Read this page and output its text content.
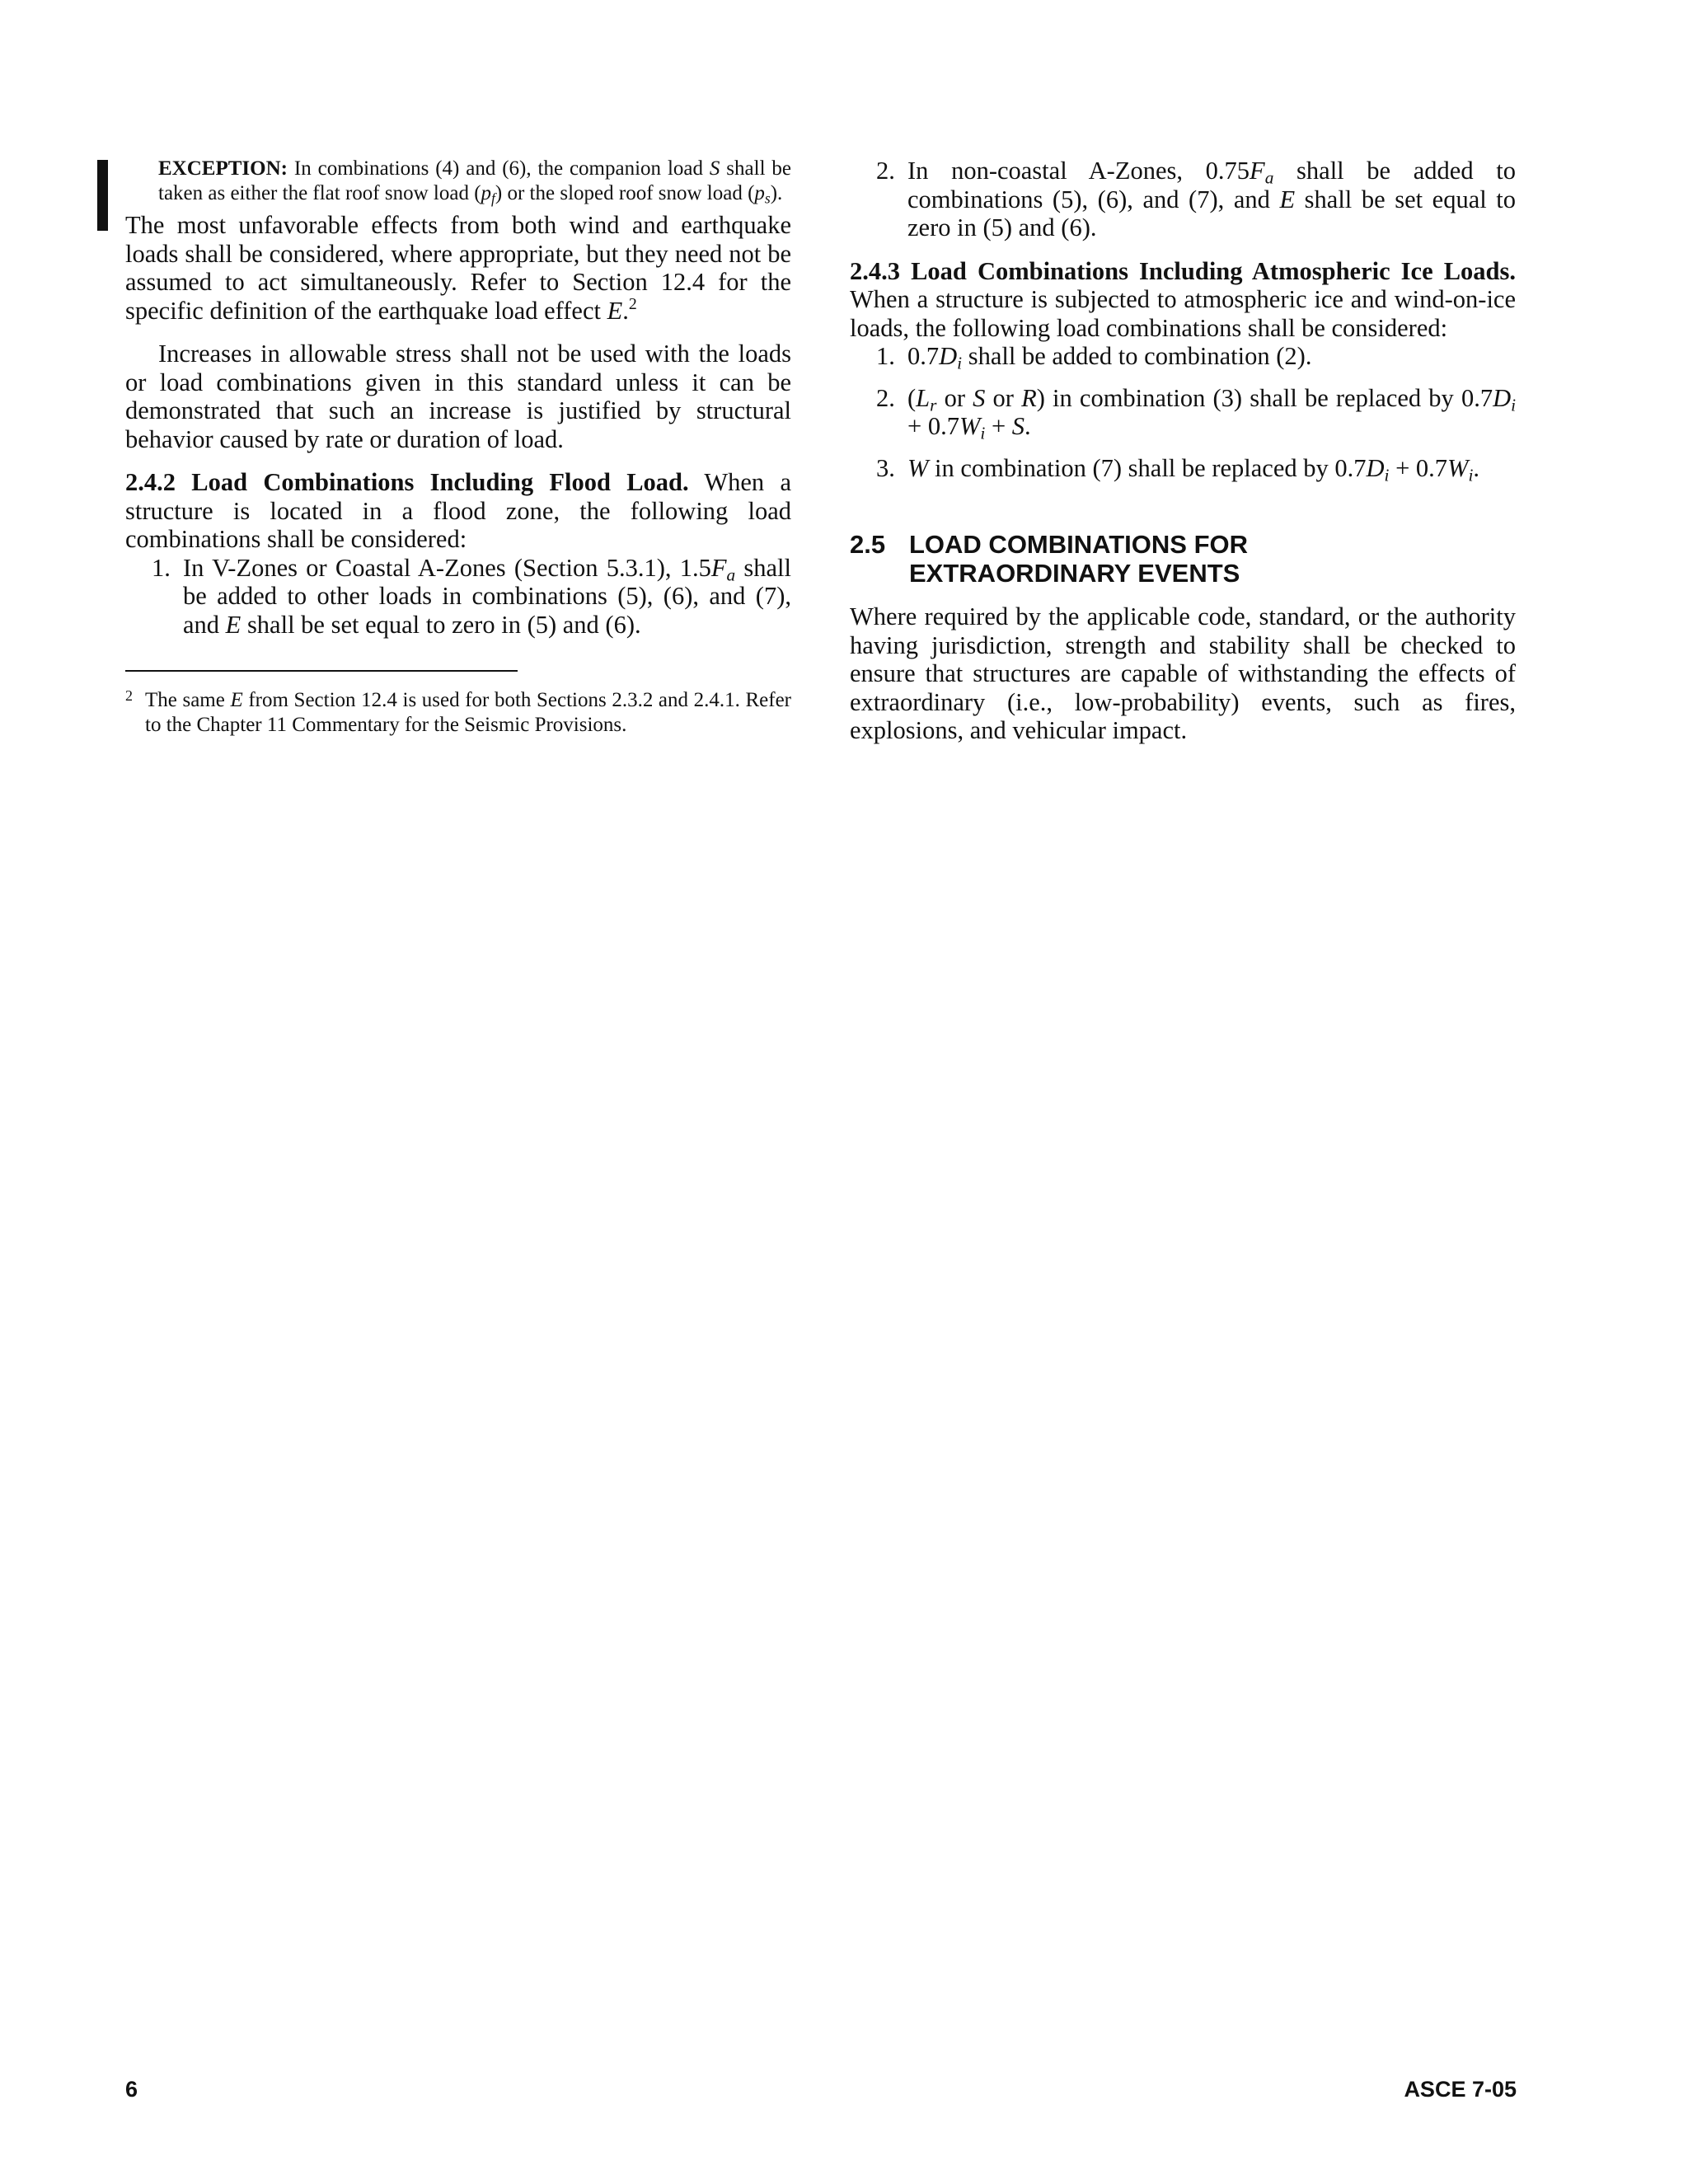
EXCEPTION: In combinations (4) and (6), the companion load S shall be taken as either the flat roof snow load $(p_f)$ or the sloped roof snow load $(p_s)$.

The most unfavorable effects from both wind and earthquake loads shall be considered, where appropriate, but they need not be assumed to act simultaneously. Refer to Section 12.4 for the specific definition of the earthquake load effect E.$^2$

Increases in allowable stress shall not be used with the loads or load combinations given in this standard unless it can be demonstrated that such an increase is justified by structural behavior caused by rate or duration of load.

2.4.2 Load Combinations Including Flood Load. When a structure is located in a flood zone, the following load combinations shall be considered:

1. In V-Zones or Coastal A-Zones (Section 5.3.1), $1.5F_a$ shall be added to other loads in combinations (5), (6), and (7), and E shall be set equal to zero in (5) and (6).
2 The same E from Section 12.4 is used for both Sections 2.3.2 and 2.4.1. Refer to the Chapter 11 Commentary for the Seismic Provisions.
2. In non-coastal A-Zones, $0.75F_a$ shall be added to combinations (5), (6), and (7), and E shall be set equal to zero in (5) and (6).

2.4.3 Load Combinations Including Atmospheric Ice Loads. When a structure is subjected to atmospheric ice and wind-on-ice loads, the following load combinations shall be considered:

1. $0.7D_i$ shall be added to combination (2).
2. ($L_r$ or S or R) in combination (3) shall be replaced by $0.7D_i + 0.7W_i + S$.
3. W in combination (7) shall be replaced by $0.7D_i + 0.7W_i$.
2.5 LOAD COMBINATIONS FOR
EXTRAORDINARY EVENTS

Where required by the applicable code, standard, or the authority having jurisdiction, strength and stability shall be checked to ensure that structures are capable of withstanding the effects of extraordinary (i.e., low-probability) events, such as fires, explosions, and vehicular impact.

6	ASCE 7-05
